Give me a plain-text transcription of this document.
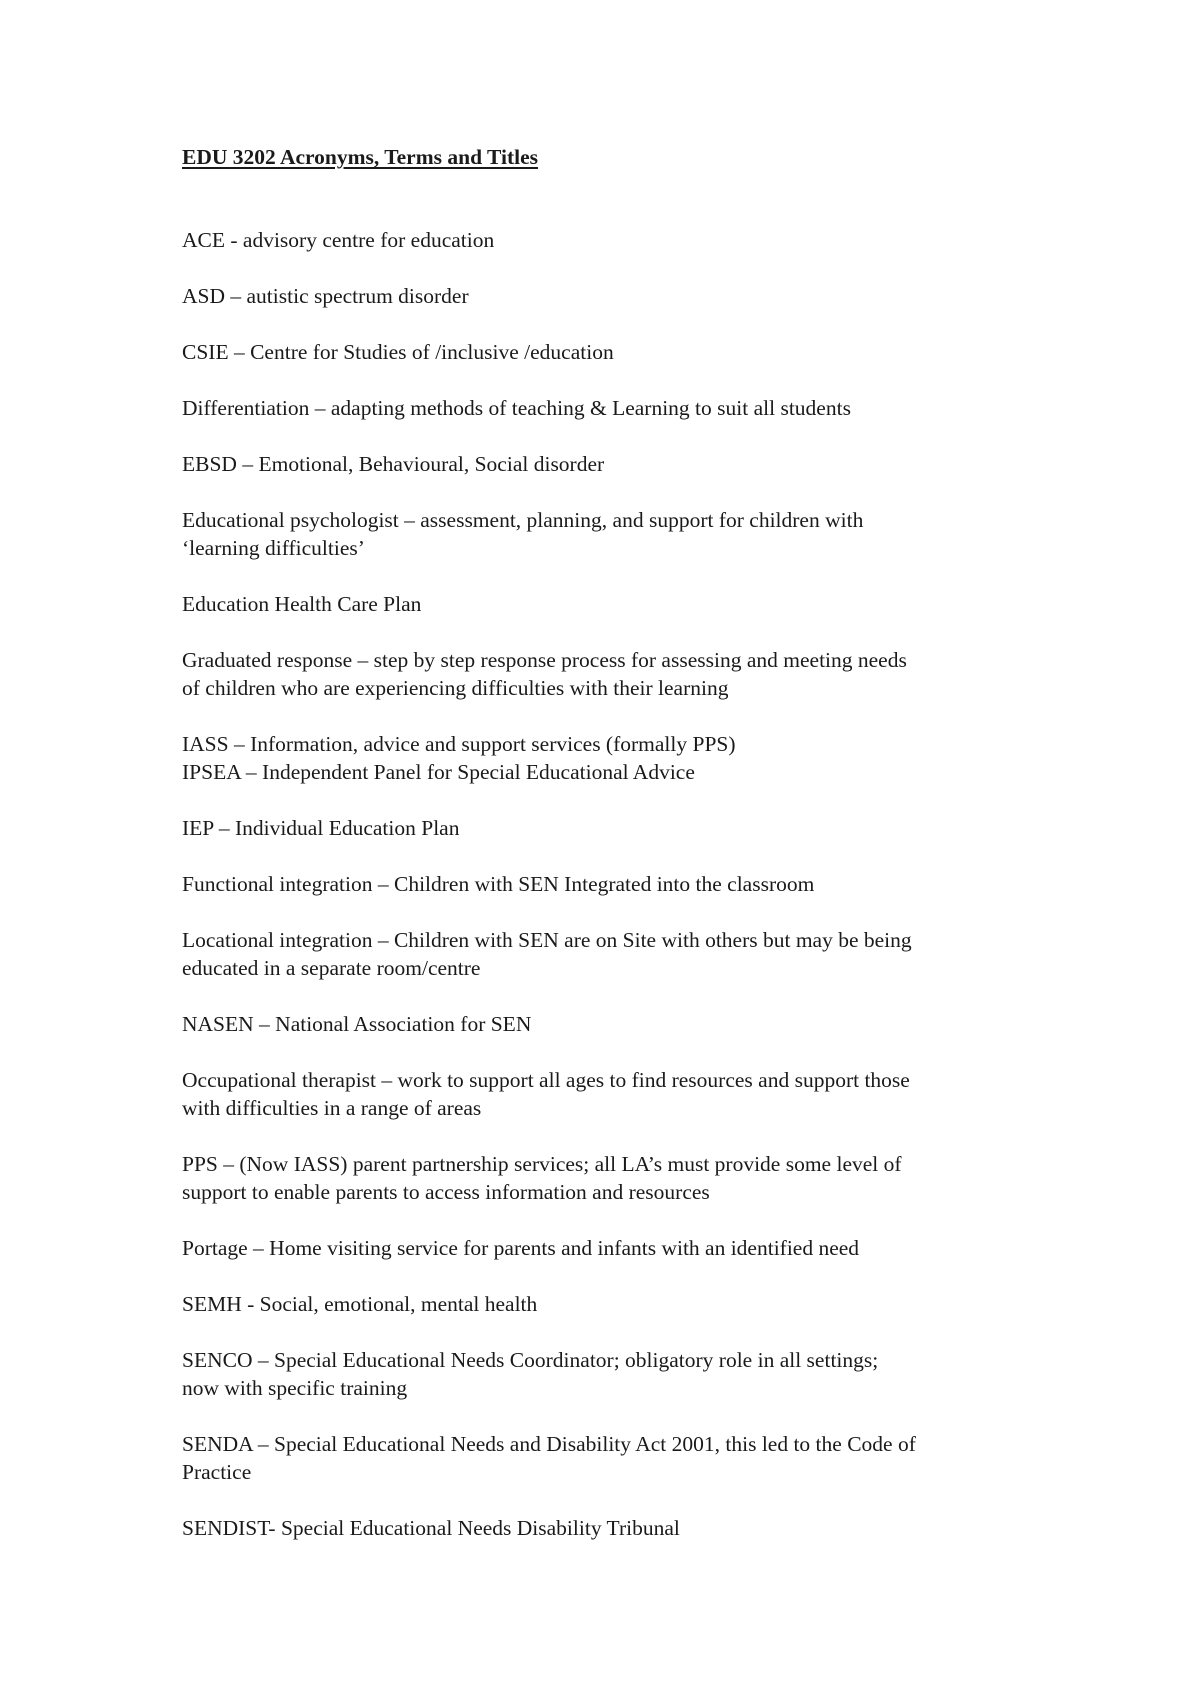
EDU 3202 Acronyms, Terms and Titles
ACE - advisory centre for education
ASD – autistic spectrum disorder
CSIE – Centre for Studies of /inclusive /education
Differentiation – adapting methods of teaching & Learning to suit all students
EBSD – Emotional, Behavioural, Social disorder
Educational psychologist – assessment, planning, and support for children with
‘learning difficulties’
Education Health Care Plan
Graduated response – step by step response process for assessing and meeting needs
of children who are experiencing difficulties with their learning
IASS – Information, advice and support services (formally PPS)
IPSEA – Independent Panel for Special Educational Advice
IEP – Individual Education Plan
Functional integration – Children with SEN Integrated into the classroom
Locational integration – Children with SEN are on Site with others but may be being
educated in a separate room/centre
NASEN – National Association for SEN
Occupational therapist – work to support all ages to find resources and support those
with difficulties in a range of areas
PPS – (Now IASS) parent partnership services; all LA’s must provide some level of
support to enable parents to access information and resources
Portage – Home visiting service for parents and infants with an identified need
SEMH - Social, emotional, mental health
SENCO – Special Educational Needs Coordinator; obligatory role in all settings;
now with specific training
SENDA – Special Educational Needs and Disability Act 2001, this led to the Code of
Practice
SENDIST- Special Educational Needs Disability Tribunal
